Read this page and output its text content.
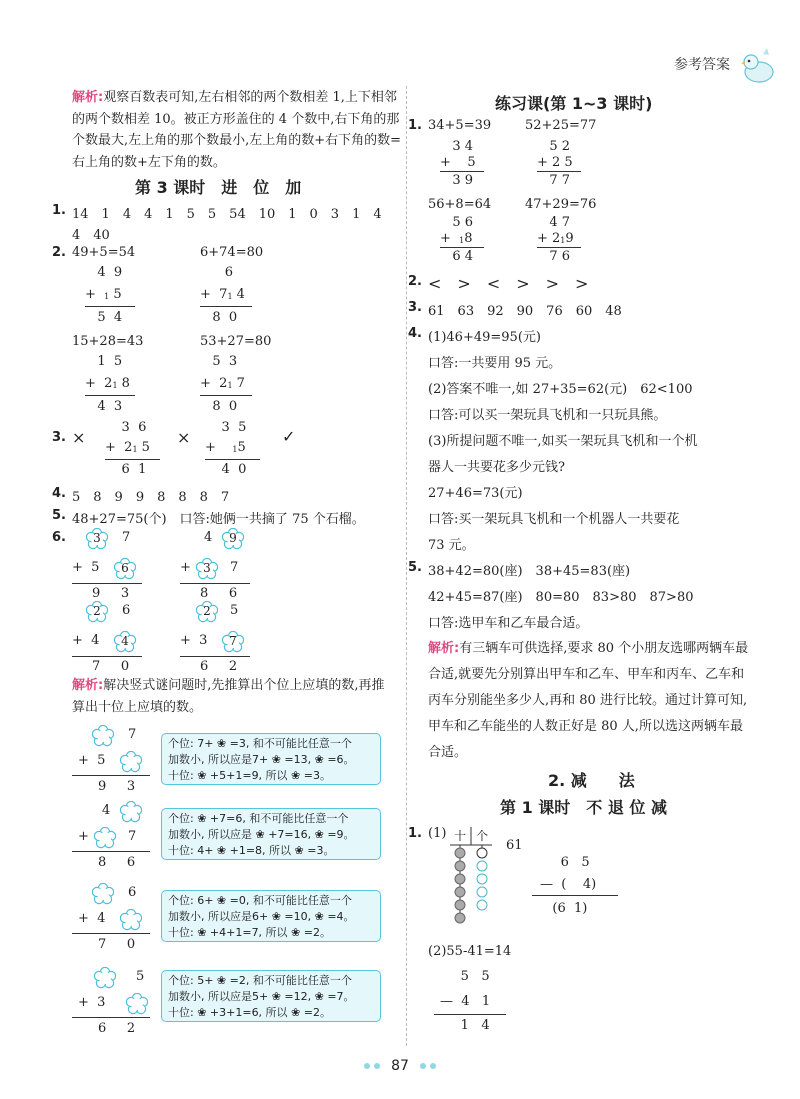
参考答案
解析:观察百数表可知,左右相邻的两个数相差 1,上下相邻的两个数相差 10。被正方形盖住的 4 个数中,右下角的那个数最大,左上角的那个数最小,左上角的数+右下角的数=右上角的数+左下角的数。
第 3 课时　进　位　加
1. 14　1　4　4　1　5　5　54　10　1　0　3　1　4
4　40
2. 49+5=54	6+74=80
4  9
+  1 5
5  4
6
+  71 4
8  0
15+28=43	53+27=80
1  5
+  21 8
4  3
5  3
+  21 7
8  0
3. ×
3  6
+  21 5
6  1
×
3  5
+    15
4  0
✓
4. 5　8　9　9　8　8　8　7
5. 48+27=75(个)　口答:她俩一共摘了 75 个石榴。
6.	3	7
+  5	6
9     3
4	9
+	3	7
8     6
2	6
+  4	4
7     0
2	5
+  3	7
6     2
解析:解决竖式谜问题时,先推算出个位上应填的数,再推算出十位上应填的数。
7
+  5
9     3
个位: 7+ ❀ =3, 和不可能比任意一个
加数小, 所以应是7+ ❀ =13, ❀ =6。
十位: ❀ +5+1=9, 所以 ❀ =3。
4
+	7
8     6
个位: ❀ +7=6, 和不可能比任意一个
加数小, 所以应是 ❀ +7=16, ❀ =9。
十位: 4+ ❀ +1=8, 所以 ❀ =3。
6
+  4
7     0
个位: 6+ ❀ =0, 和不可能比任意一个
加数小, 所以应是6+ ❀ =10, ❀ =4。
十位: ❀ +4+1=7, 所以 ❀ =2。
5
+  3
6     2
个位: 5+ ❀ =2, 和不可能比任意一个
加数小, 所以应是5+ ❀ =12, ❀ =7。
十位: ❀ +3+1=6, 所以 ❀ =2。
练习课(第 1~3 课时)
1. 34+5=39	52+25=77
3 4
+    5
3 9
5 2
+ 2 5
7 7
56+8=64	47+29=76
5 6
+  18
6 4
4 7
+ 219
7 6
2. <　>　<　>　>　>
3. 61　63　92　90　76　60　48
4. (1)46+49=95(元)
口答:一共要用 95 元。
(2)答案不唯一,如 27+35=62(元)　62<100
口答:可以买一架玩具飞机和一只玩具熊。
(3)所提问题不唯一,如买一架玩具飞机和一个机
器人一共要花多少元钱?
27+46=73(元)
口答:买一架玩具飞机和一个机器人一共要花
73 元。
5. 38+42=80(座)　38+45=83(座)
42+45=87(座)　80=80　83>80　87>80
口答:选甲车和乙车最合适。
解析:有三辆车可供选择,要求 80 个小朋友选哪两辆车最合适,就要先分别算出甲车和乙车、甲车和丙车、乙车和丙车分别能坐多少人,再和 80 进行比较。通过计算可知,甲车和乙车能坐的人数正好是 80 人,所以选这两辆车最合适。
2. 减　　法
第 1 课时　不 退 位 减
1. (1) 十 个
61
6   5
—  (    4)
(6  1)
(2)55-41=14
5   5
—  4   1
1   4
87
